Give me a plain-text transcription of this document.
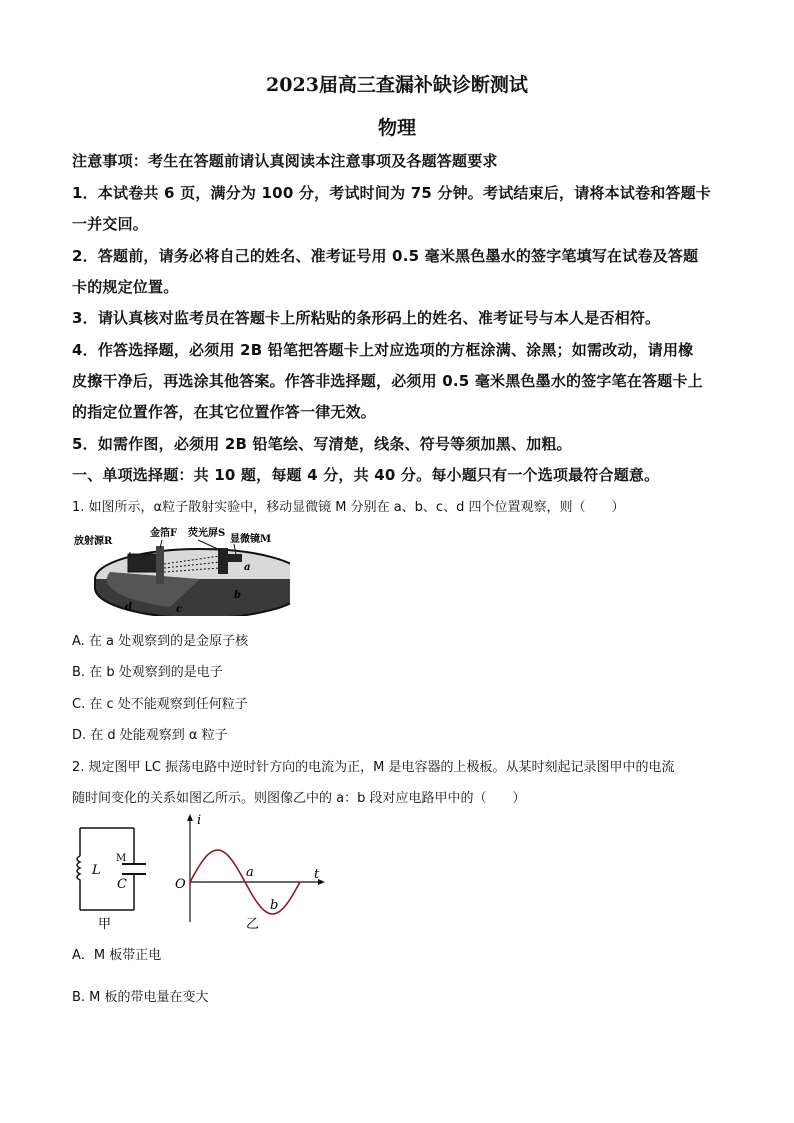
2023届高三查漏补缺诊断测试
物理
注意事项：考生在答题前请认真阅读本注意事项及各题答题要求
1．本试卷共 6 页，满分为 100 分，考试时间为 75 分钟。考试结束后，请将本试卷和答题卡
一并交回。
2．答题前，请务必将自己的姓名、准考证号用 0.5 毫米黑色墨水的签字笔填写在试卷及答题
卡的规定位置。
3．请认真核对监考员在答题卡上所粘贴的条形码上的姓名、准考证号与本人是否相符。
4．作答选择题，必须用 2B 铅笔把答题卡上对应选项的方框涂满、涂黑；如需改动，请用橡
皮擦干净后，再选涂其他答案。作答非选择题，必须用 0.5 毫米黑色墨水的签字笔在答题卡上
的指定位置作答，在其它位置作答一律无效。
5．如需作图，必须用 2B 铅笔绘、写清楚，线条、符号等须加黑、加粗。
一、单项选择题：共 10 题，每题 4 分，共 40 分。每小题只有一个选项最符合题意。
1. 如图所示，α粒子散射实验中，移动显微镜 M 分别在 a、b、c、d 四个位置观察，则（　　）
放射源R
金箔F 荧光屏S
显微镜M
a
b
c
d
A. 在 a 处观察到的是金原子核
B. 在 b 处观察到的是电子
C. 在 c 处不能观察到任何粒子
D. 在 d 处能观察到 α 粒子
2. 规定图甲 LC 振荡电路中逆时针方向的电流为正，M 是电容器的上极板。从某时刻起记录图甲中的电流
随时间变化的关系如图乙所示。则图像乙中的 a：b 段对应电路甲中的（　　）
L
C
M
甲
i
t
O
a
b
乙
A．M 板带正电
B. M 板的带电量在变大
